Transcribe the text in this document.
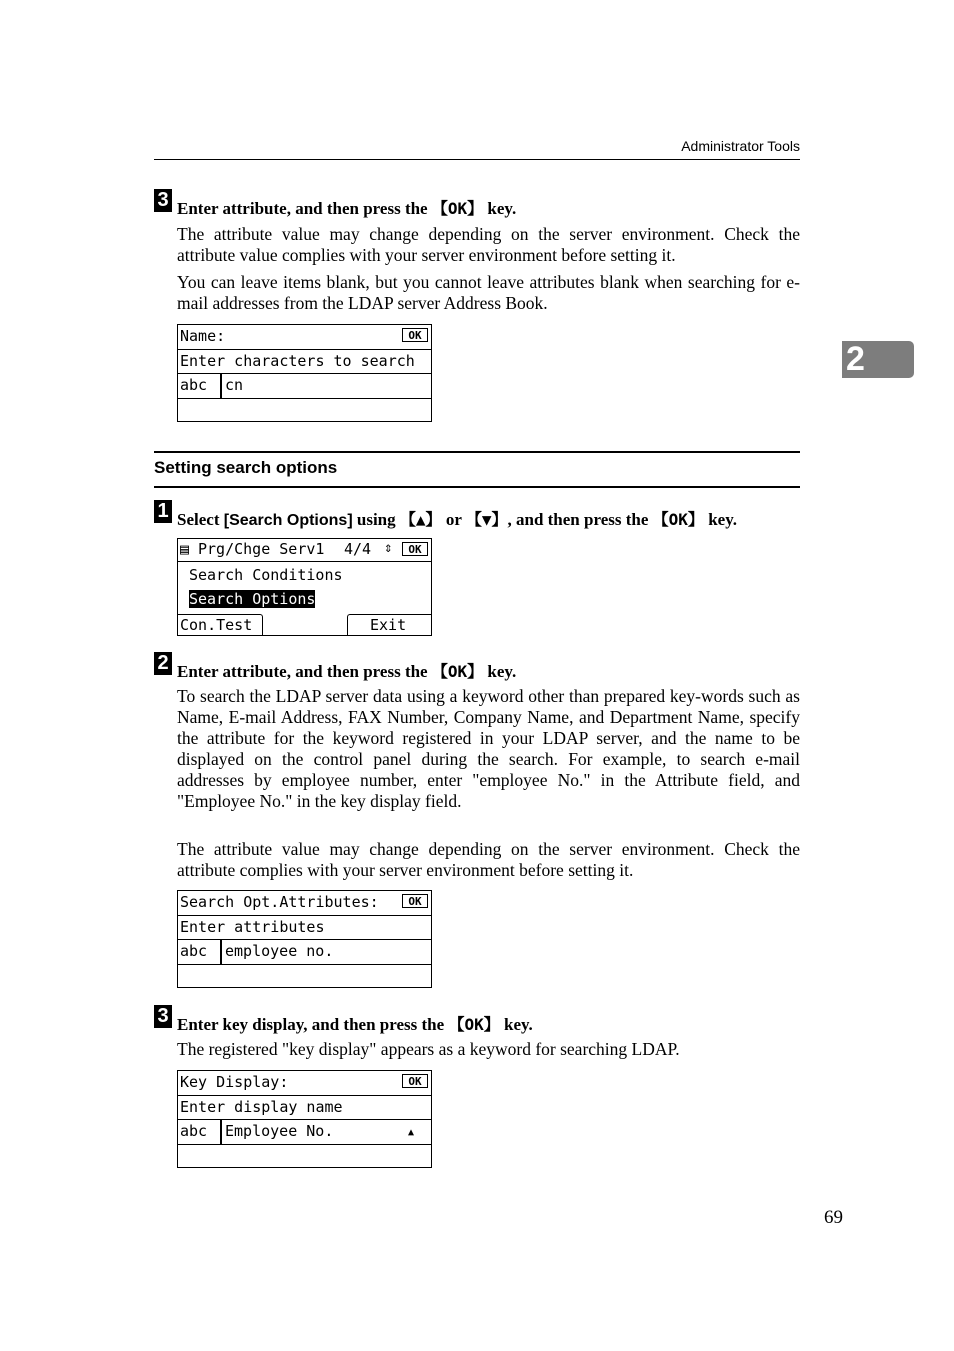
Administrator Tools
2
3 Enter attribute, and then press the 【OK】 key.

The attribute value may change depending on the server environment. Check the attribute value complies with your server environment before setting it.

You can leave items blank, but you cannot leave attributes blank when searching for e-mail addresses from the LDAP server Address Book.

Name:	OK
Enter characters to search
abc cn
Setting search options
1 Select [Search Options] using 【▲】 or 【▼】, and then press the 【OK】 key.
▤ Prg/Chge Serv1 4/4 ⇕	OK
Search Conditions
Search Options
Con.Test	Exit
2 Enter attribute, and then press the 【OK】 key.

To search the LDAP server data using a keyword other than prepared key-words such as Name, E-mail Address, FAX Number, Company Name, and Department Name, specify the attribute for the keyword registered in your LDAP server, and the name to be displayed on the control panel during the search. For example, to search e-mail addresses by employee number, enter "employee No." in the Attribute field, and "Employee No." in the key display field.

The attribute value may change depending on the server environment. Check the attribute complies with your server environment before setting it.

Search Opt.Attributes:	OK
Enter attributes
abc employee no.
3 Enter key display, and then press the 【OK】 key.

The registered "key display" appears as a keyword for searching LDAP.

Key Display:	OK
Enter display name
abc Employee No.	▲
69
